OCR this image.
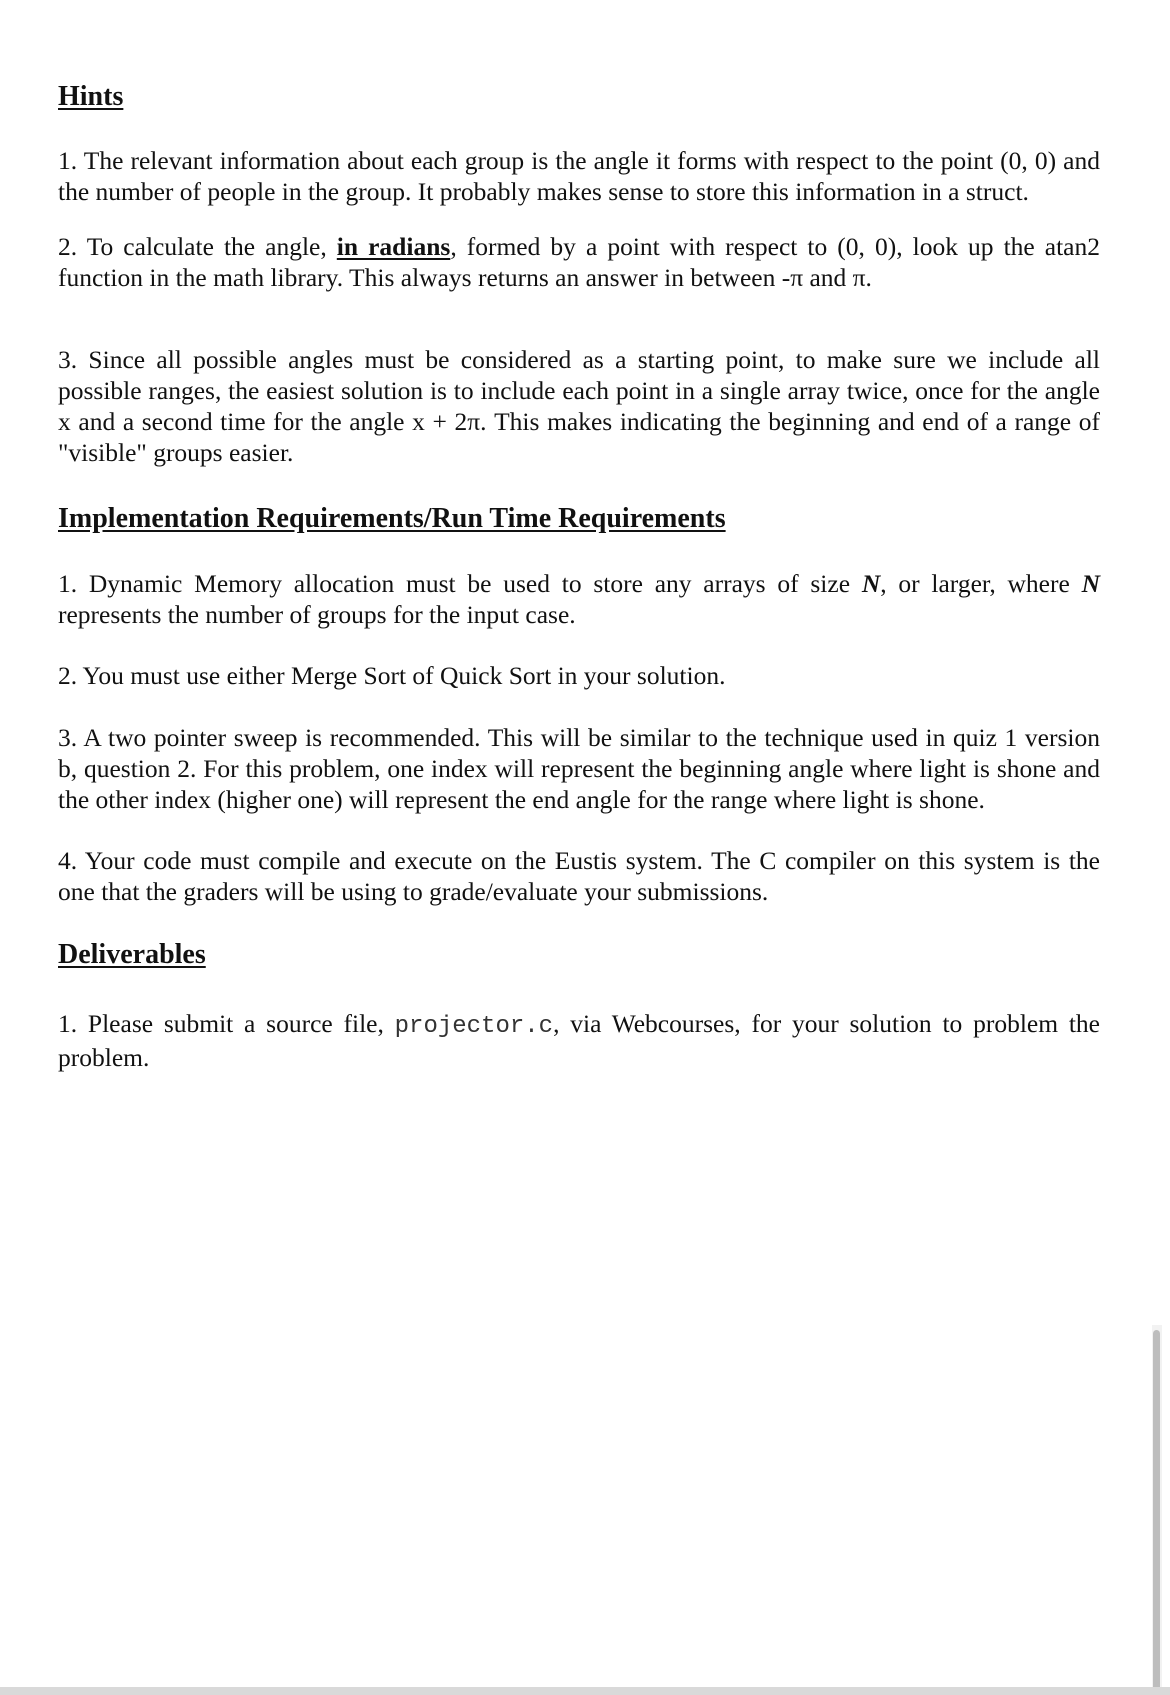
Hints

1. The relevant information about each group is the angle it forms with respect to the point (0, 0) and the number of people in the group. It probably makes sense to store this information in a struct.

2. To calculate the angle, in radians, formed by a point with respect to (0, 0), look up the atan2 function in the math library. This always returns an answer in between -π and π.

3. Since all possible angles must be considered as a starting point, to make sure we include all possible ranges, the easiest solution is to include each point in a single array twice, once for the angle x and a second time for the angle x + 2π. This makes indicating the beginning and end of a range of "visible" groups easier.

Implementation Requirements/Run Time Requirements

1. Dynamic Memory allocation must be used to store any arrays of size N, or larger, where N represents the number of groups for the input case.

2. You must use either Merge Sort of Quick Sort in your solution.

3. A two pointer sweep is recommended. This will be similar to the technique used in quiz 1 version b, question 2. For this problem, one index will represent the beginning angle where light is shone and the other index (higher one) will represent the end angle for the range where light is shone.

4. Your code must compile and execute on the Eustis system. The C compiler on this system is the one that the graders will be using to grade/evaluate your submissions.

Deliverables

1. Please submit a source file, projector.c, via Webcourses, for your solution to problem the problem.
